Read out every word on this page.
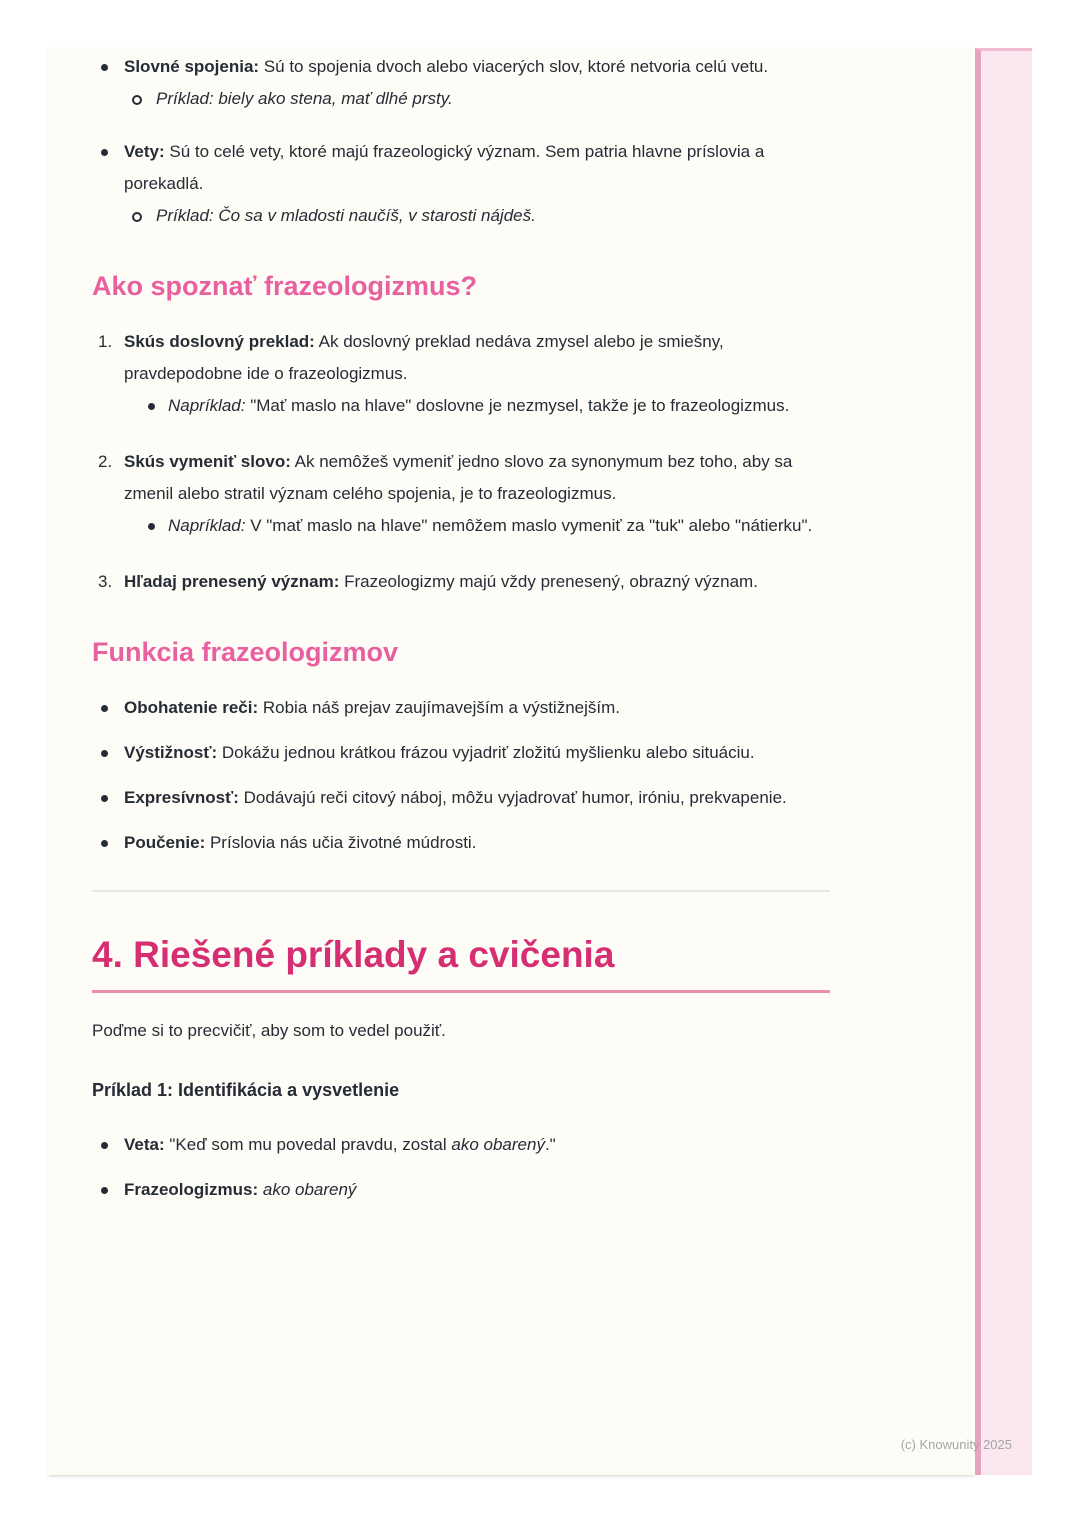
Slovné spojenia: Sú to spojenia dvoch alebo viacerých slov, ktoré netvoria celú vetu.
Príklad: biely ako stena, mať dlhé prsty.
Vety: Sú to celé vety, ktoré majú frazeologický význam. Sem patria hlavne príslovia a porekadlá.
Príklad: Čo sa v mladosti naučíš, v starosti nájdeš.
Ako spoznať frazeologizmus?
1. Skús doslovný preklad: Ak doslovný preklad nedáva zmysel alebo je smiešny, pravdepodobne ide o frazeologizmus.
Napríklad: "Mať maslo na hlave" doslovne je nezmysel, takže je to frazeologizmus.
2. Skús vymeniť slovo: Ak nemôžeš vymeniť jedno slovo za synonymum bez toho, aby sa zmenil alebo stratil význam celého spojenia, je to frazeologizmus.
Napríklad: V "mať maslo na hlave" nemôžem maslo vymeniť za "tuk" alebo "nátierku".
3. Hľadaj prenesený význam: Frazeologizmy majú vždy prenesený, obrazný význam.
Funkcia frazeologizmov
Obohatenie reči: Robia náš prejav zaujímavejším a výstižnejším.
Výstižnosť: Dokážu jednou krátkou frázou vyjadriť zložitú myšlienku alebo situáciu.
Expresívnosť: Dodávajú reči citový náboj, môžu vyjadrovať humor, iróniu, prekvapenie.
Poučenie: Príslovia nás učia životné múdrosti.
4. Riešené príklady a cvičenia

Poďme si to precvičiť, aby som to vedel použiť.

Príklad 1: Identifikácia a vysvetlenie
Veta: "Keď som mu povedal pravdu, zostal ako obarený."
Frazeologizmus: ako obarený
(c) Knowunity 2025
